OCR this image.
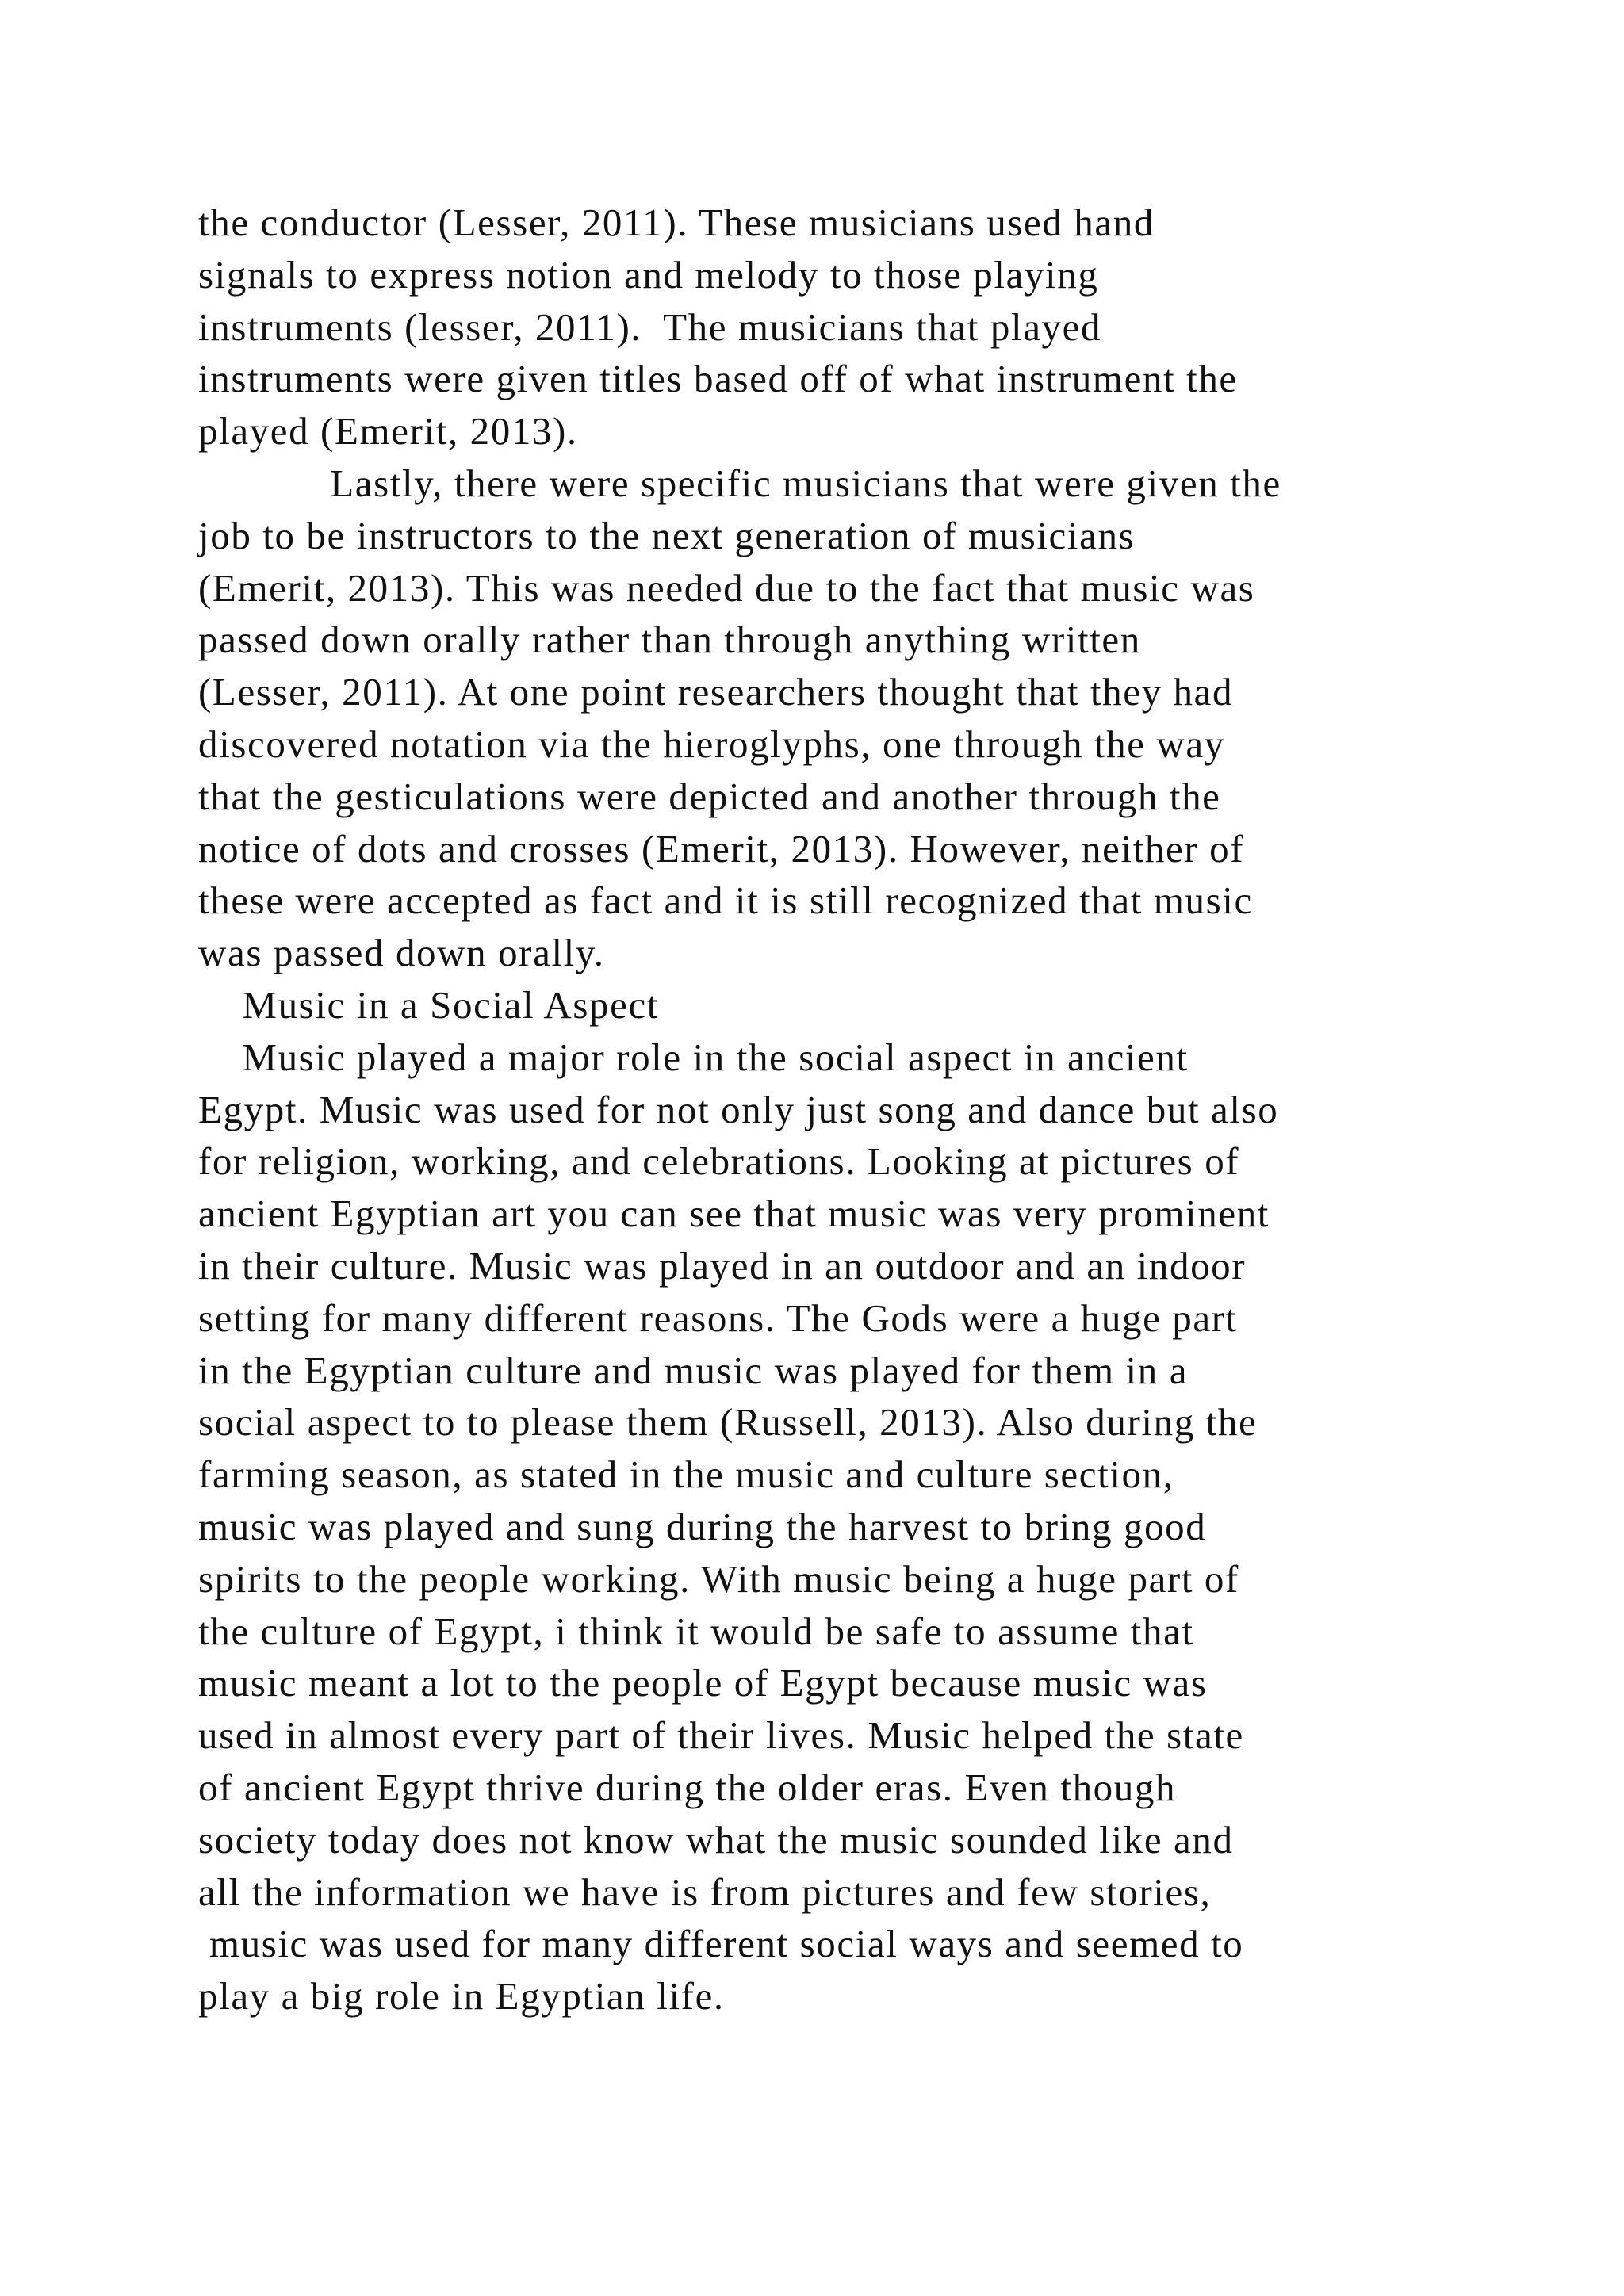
the conductor (Lesser, 2011). These musicians used hand
signals to express notion and melody to those playing
instruments (lesser, 2011).  The musicians that played
instruments were given titles based off of what instrument the
played (Emerit, 2013).
Lastly, there were specific musicians that were given the
job to be instructors to the next generation of musicians
(Emerit, 2013). This was needed due to the fact that music was
passed down orally rather than through anything written
(Lesser, 2011). At one point researchers thought that they had
discovered notation via the hieroglyphs, one through the way
that the gesticulations were depicted and another through the
notice of dots and crosses (Emerit, 2013). However, neither of
these were accepted as fact and it is still recognized that music
was passed down orally.
Music in a Social Aspect
Music played a major role in the social aspect in ancient
Egypt. Music was used for not only just song and dance but also
for religion, working, and celebrations. Looking at pictures of
ancient Egyptian art you can see that music was very prominent
in their culture. Music was played in an outdoor and an indoor
setting for many different reasons. The Gods were a huge part
in the Egyptian culture and music was played for them in a
social aspect to to please them (Russell, 2013). Also during the
farming season, as stated in the music and culture section,
music was played and sung during the harvest to bring good
spirits to the people working. With music being a huge part of
the culture of Egypt, i think it would be safe to assume that
music meant a lot to the people of Egypt because music was
used in almost every part of their lives. Music helped the state
of ancient Egypt thrive during the older eras. Even though
society today does not know what the music sounded like and
all the information we have is from pictures and few stories,
music was used for many different social ways and seemed to
play a big role in Egyptian life.
